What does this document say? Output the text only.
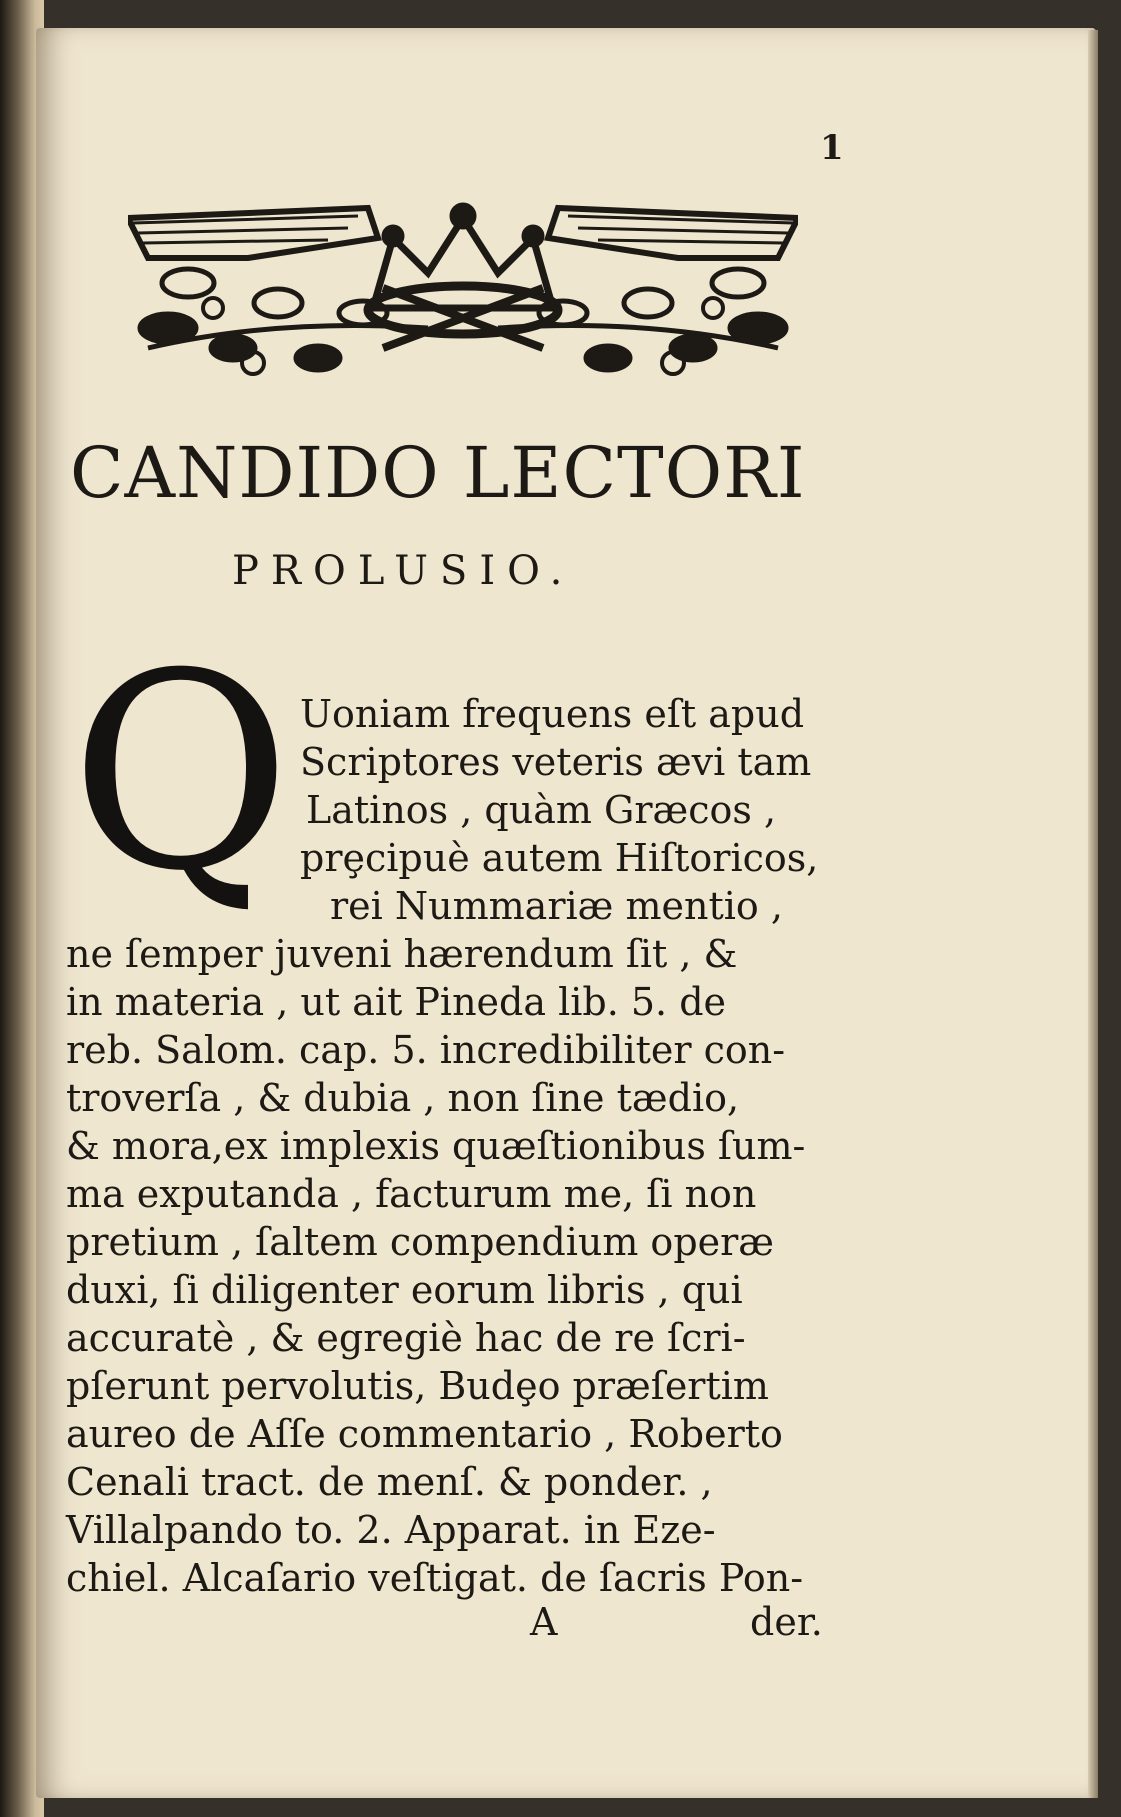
1
CANDIDO LECTORI
PROLUSIO.
Q Uoniam frequens eſt apud
Scriptores veteris ævi tam
Latinos , quàm Græcos ,
prȩcipuè autem Hiſtoricos,
rei Nummariæ mentio ,
ne ſemper juveni hærendum ſit , &
in materia , ut ait Pineda lib. 5. de
reb. Salom. cap. 5. incredibiliter con-
troverſa , & dubia , non ſine tædio,
& mora,ex implexis quæſtionibus ſum-
ma exputanda , facturum me, ſi non
pretium , ſaltem compendium operæ
duxi, ſi diligenter eorum libris , qui
accuratè , & egregiè hac de re ſcri-
pſerunt pervolutis, Budȩo præſertim
aureo de Aſſe commentario , Roberto
Cenali tract. de menſ. & ponder. ,
Villalpando to. 2. Apparat. in Eze-
chiel. Alcaſario veſtigat. de ſacris Pon-
A	der.
